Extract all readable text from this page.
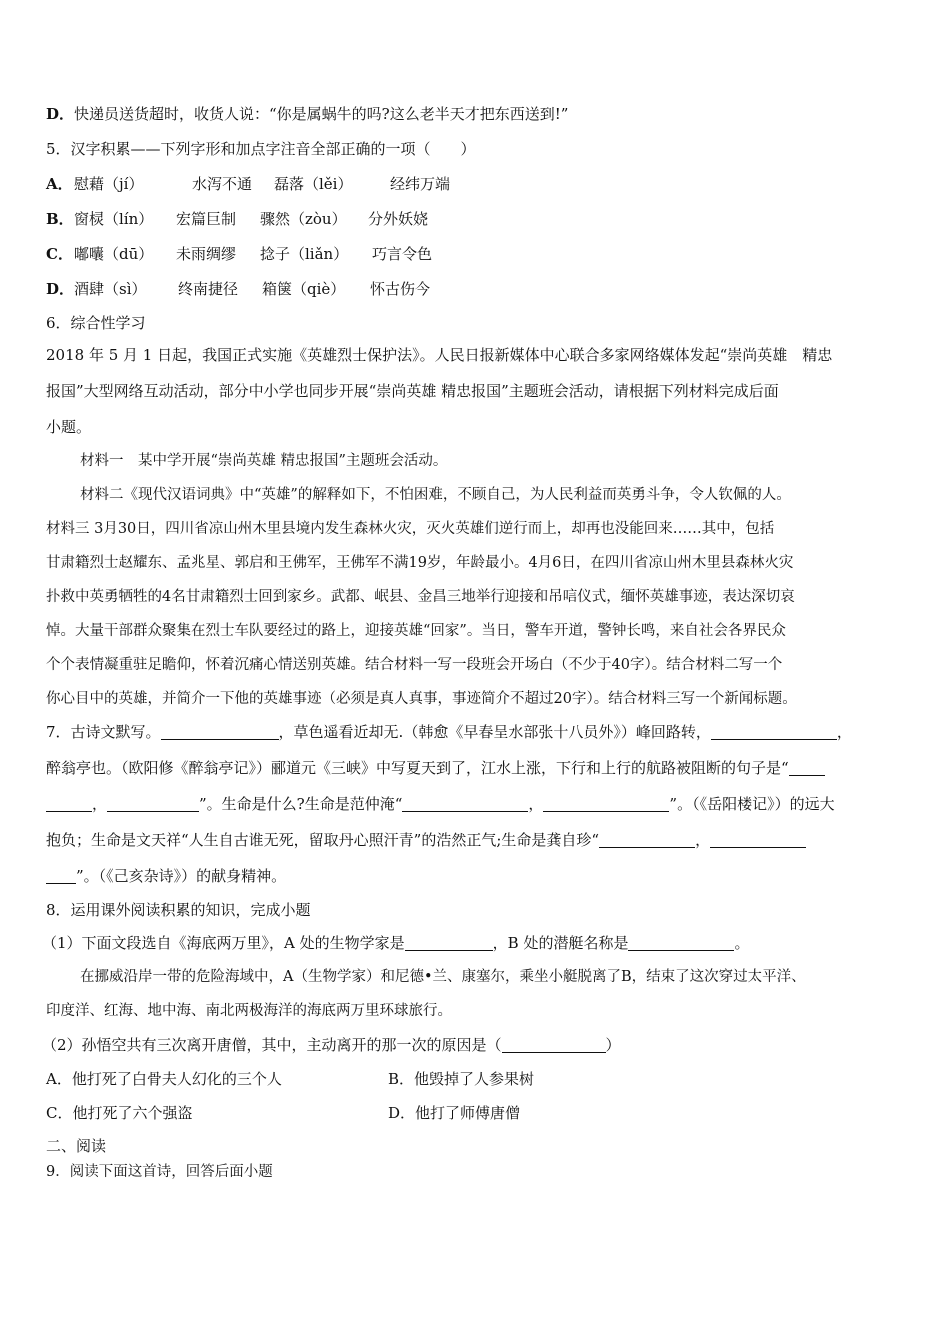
D．快递员送货超时，收货人说：“你是属蜗牛的吗?这么老半天才把东西送到!”
5．汉字积累——下列字形和加点字注音全部正确的一项（　　）
A．慰藉（jí）	水泻不通 磊落（lěi）	经纬万端
B．窗棂（lín） 宏篇巨制 骤然（zòu） 分外妖娆
C．嘟囔（dū） 未雨绸缪 捻子（liǎn） 巧言令色
D．酒肆（sì） 终南捷径 箱箧（qiè） 怀古伤今
6．综合性学习
2018 年 5 月 1 日起，我国正式实施《英雄烈士保护法》。人民日报新媒体中心联合多家网络媒体发起“崇尚英雄　精忠
报国”大型网络互动活动，部分中小学也同步开展“崇尚英雄 精忠报国”主题班会活动，请根据下列材料完成后面
小题。
材料一　某中学开展“崇尚英雄 精忠报国”主题班会活动。
材料二《现代汉语词典》中“英雄”的解释如下，不怕困难，不顾自己，为人民利益而英勇斗争，令人钦佩的人。
材料三 3月30日，四川省凉山州木里县境内发生森林火灾，灭火英雄们逆行而上，却再也没能回来……其中，包括
甘肃籍烈士赵耀东、孟兆星、郭启和王佛军，王佛军不满19岁，年龄最小。4月6日，在四川省凉山州木里县森林火灾
扑救中英勇牺牲的4名甘肃籍烈士回到家乡。武都、岷县、金昌三地举行迎接和吊唁仪式，缅怀英雄事迹，表达深切哀
悼。大量干部群众聚集在烈士车队要经过的路上，迎接英雄“回家”。当日，警车开道，警钟长鸣，来自社会各界民众
个个表情凝重驻足瞻仰，怀着沉痛心情送别英雄。结合材料一写一段班会开场白（不少于40字）。结合材料二写一个
你心目中的英雄，并简介一下他的英雄事迹（必须是真人真事，事迹简介不超过20字）。结合材料三写一个新闻标题。
7．古诗文默写。	，草色遥看近却无.（韩愈《早春呈水部张十八员外》）峰回路转，	，
醉翁亭也。（欧阳修《醉翁亭记》）郦道元《三峡》中写夏天到了，江水上涨，下行和上行的航路被阻断的句子是“
，	”。生命是什么?生命是范仲淹“	，	”。（《岳阳楼记》）的远大
抱负；生命是文天祥“人生自古谁无死，留取丹心照汗青”的浩然正气;生命是龚自珍“	，
”。（《己亥杂诗》）的献身精神。
8．运用课外阅读积累的知识，完成小题
（1）下面文段选自《海底两万里》，A 处的生物学家是	，B 处的潜艇名称是	。
在挪威沿岸一带的危险海域中，A（生物学家）和尼德•兰、康塞尔，乘坐小艇脱离了B，结束了这次穿过太平洋、
印度洋、红海、地中海、南北两极海洋的海底两万里环球旅行。
（2）孙悟空共有三次离开唐僧，其中，主动离开的那一次的原因是（	）
A．他打死了白骨夫人幻化的三个人	B．他毁掉了人参果树
C．他打死了六个强盗	D．他打了师傅唐僧
二、阅读
9．阅读下面这首诗，回答后面小题
